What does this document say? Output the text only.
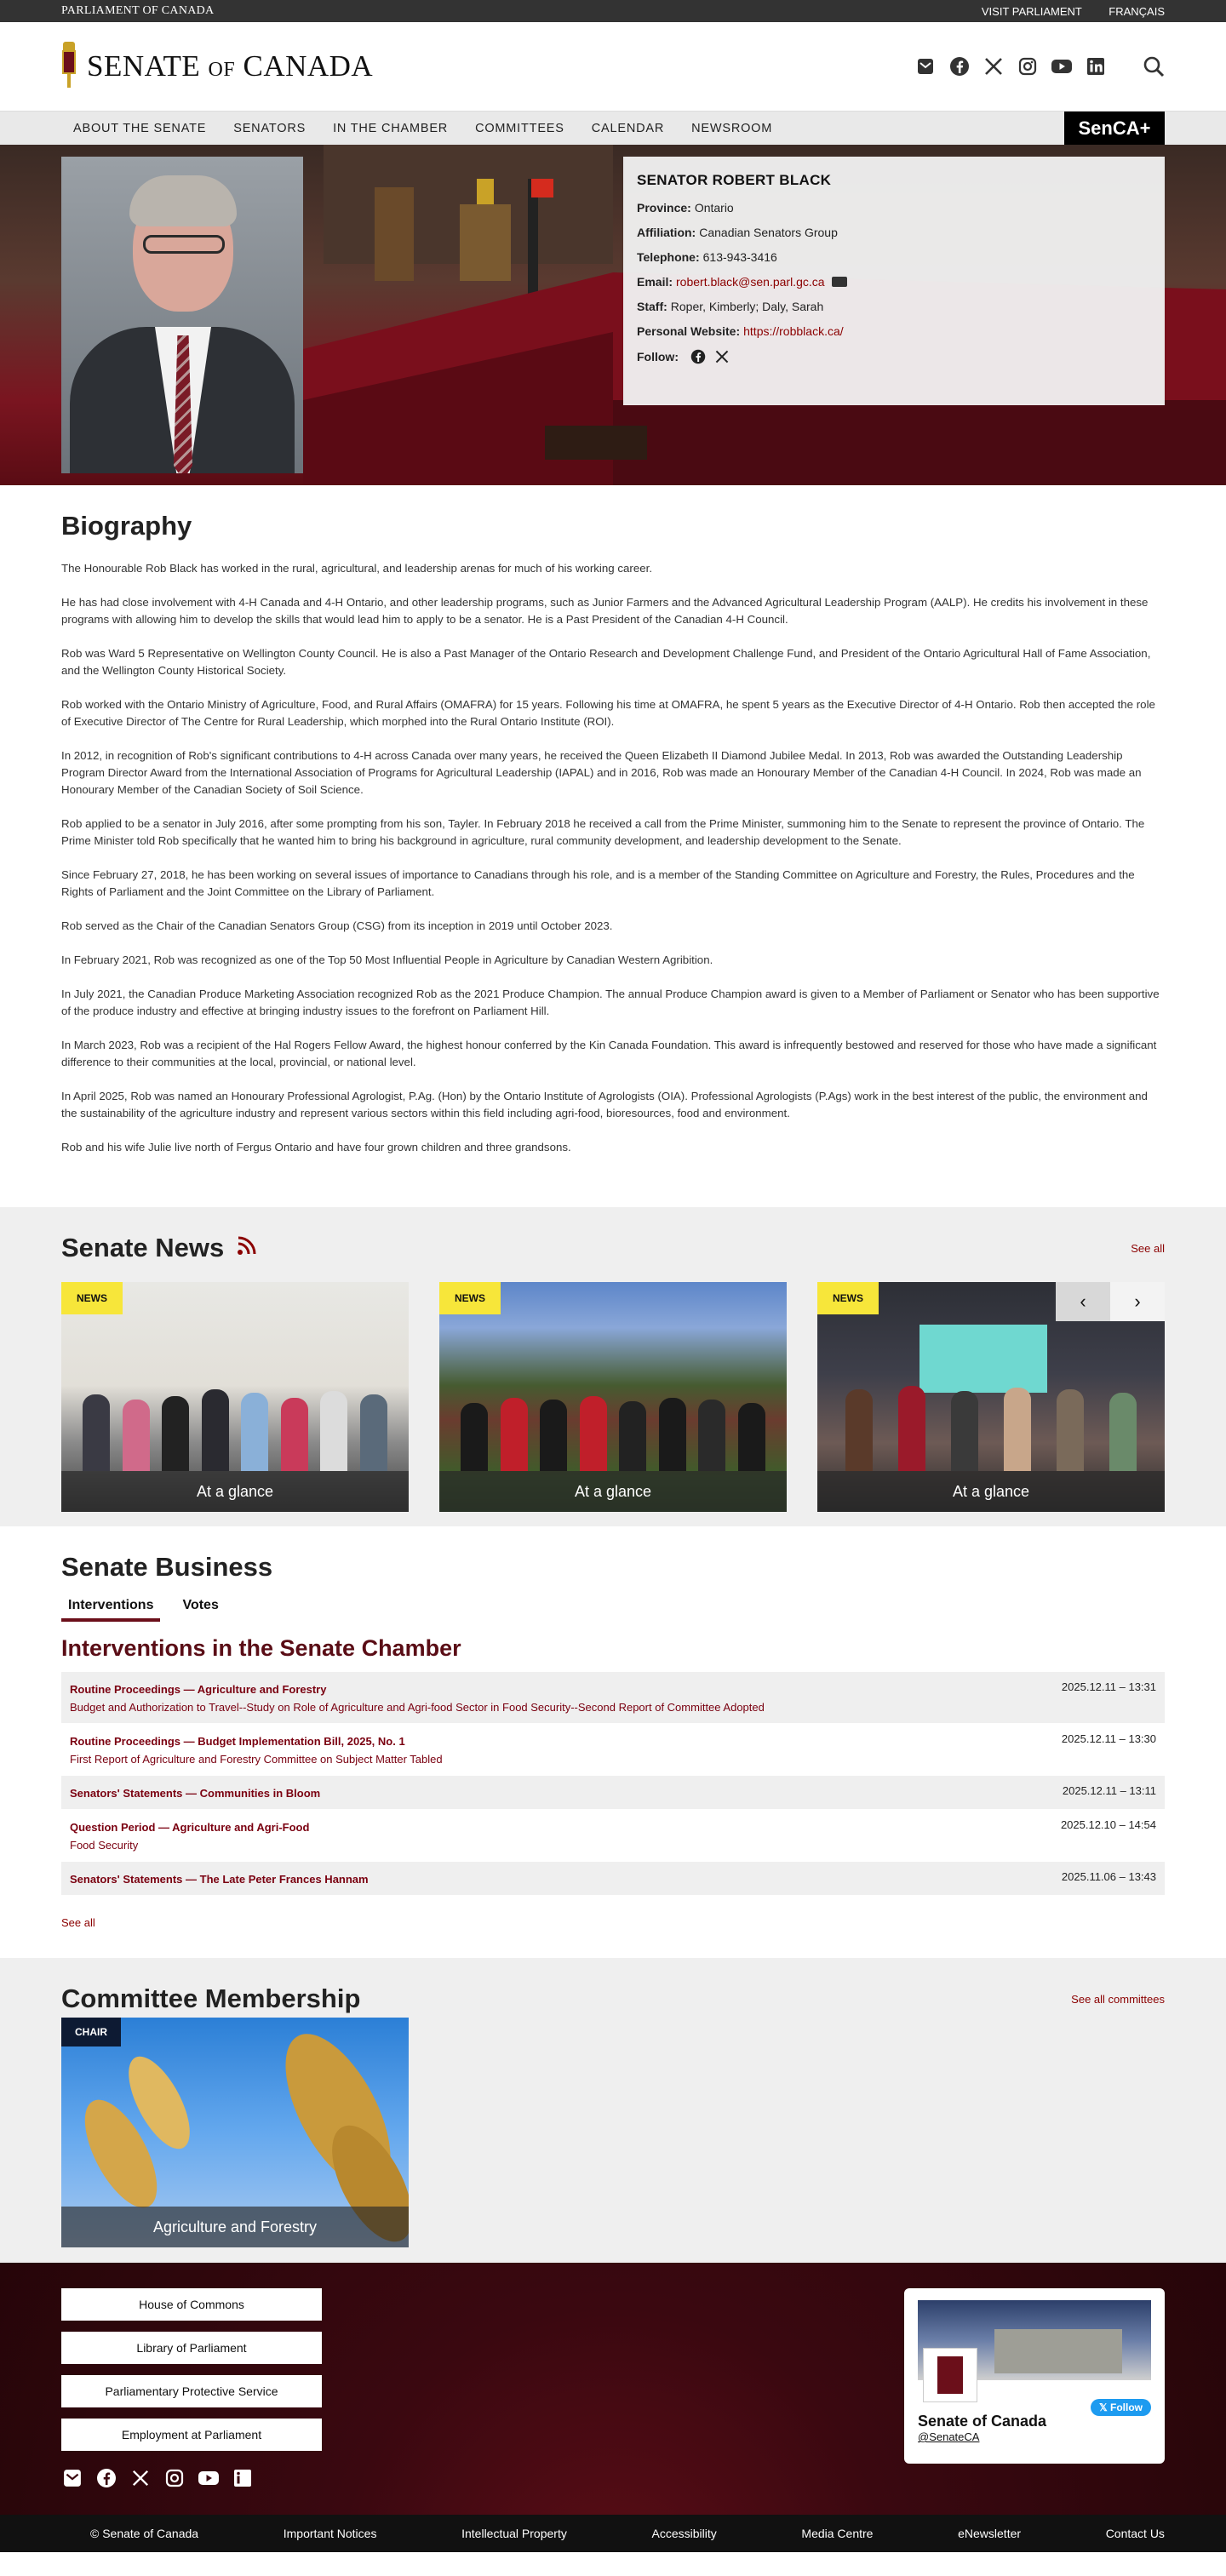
PARLIAMENT OF CANADA	VISIT PARLIAMENT FRANÇAIS
SENATE OF CANADA
ABOUT THE SENATE	SENATORS	IN THE CHAMBER	COMMITTEES	CALENDAR	NEWSROOM	SenCA+
SENATOR ROBERT BLACK
Province: Ontario
Affiliation: Canadian Senators Group
Telephone: 613-943-3416
Email: robert.black@sen.parl.gc.ca
Staff: Roper, Kimberly; Daly, Sarah
Personal Website: https://robblack.ca/
Follow:
Biography

The Honourable Rob Black has worked in the rural, agricultural, and leadership arenas for much of his working career.

He has had close involvement with 4-H Canada and 4-H Ontario, and other leadership programs, such as Junior Farmers and the Advanced Agricultural Leadership Program (AALP). He credits his involvement in these programs with allowing him to develop the skills that would lead him to apply to be a senator. He is a Past President of the Canadian 4-H Council.

Rob was Ward 5 Representative on Wellington County Council. He is also a Past Manager of the Ontario Research and Development Challenge Fund, and President of the Ontario Agricultural Hall of Fame Association, and the Wellington County Historical Society.

Rob worked with the Ontario Ministry of Agriculture, Food, and Rural Affairs (OMAFRA) for 15 years. Following his time at OMAFRA, he spent 5 years as the Executive Director of 4-H Ontario. Rob then accepted the role of Executive Director of The Centre for Rural Leadership, which morphed into the Rural Ontario Institute (ROI).

In 2012, in recognition of Rob's significant contributions to 4-H across Canada over many years, he received the Queen Elizabeth II Diamond Jubilee Medal. In 2013, Rob was awarded the Outstanding Leadership Program Director Award from the International Association of Programs for Agricultural Leadership (IAPAL) and in 2016, Rob was made an Honourary Member of the Canadian 4-H Council. In 2024, Rob was made an Honourary Member of the Canadian Society of Soil Science.

Rob applied to be a senator in July 2016, after some prompting from his son, Tayler. In February 2018 he received a call from the Prime Minister, summoning him to the Senate to represent the province of Ontario. The Prime Minister told Rob specifically that he wanted him to bring his background in agriculture, rural community development, and leadership development to the Senate.

Since February 27, 2018, he has been working on several issues of importance to Canadians through his role, and is a member of the Standing Committee on Agriculture and Forestry, the Rules, Procedures and the Rights of Parliament and the Joint Committee on the Library of Parliament.

Rob served as the Chair of the Canadian Senators Group (CSG) from its inception in 2019 until October 2023.

In February 2021, Rob was recognized as one of the Top 50 Most Influential People in Agriculture by Canadian Western Agribition.

In July 2021, the Canadian Produce Marketing Association recognized Rob as the 2021 Produce Champion. The annual Produce Champion award is given to a Member of Parliament or Senator who has been supportive of the produce industry and effective at bringing industry issues to the forefront on Parliament Hill.

In March 2023, Rob was a recipient of the Hal Rogers Fellow Award, the highest honour conferred by the Kin Canada Foundation. This award is infrequently bestowed and reserved for those who have made a significant difference to their communities at the local, provincial, or national level.

In April 2025, Rob was named an Honourary Professional Agrologist, P.Ag. (Hon) by the Ontario Institute of Agrologists (OIA). Professional Agrologists (P.Ags) work in the best interest of the public, the environment and the sustainability of the agriculture industry and represent various sectors within this field including agri-food, bioresources, food and environment.

Rob and his wife Julie live north of Fergus Ontario and have four grown children and three grandsons.

Senate News	See all
NEWS
At a glance
NEWS
At a glance
NEWS
At a glance
‹	›
Senate Business
Interventions	Votes
Interventions in the Senate Chamber
Routine Proceedings — Agriculture and Forestry
Budget and Authorization to Travel--Study on Role of Agriculture and Agri-food Sector in Food Security--Second Report of Committee Adopted
2025.12.11 – 13:31
Routine Proceedings — Budget Implementation Bill, 2025, No. 1
First Report of Agriculture and Forestry Committee on Subject Matter Tabled
2025.12.11 – 13:30
Senators' Statements — Communities in Bloom	2025.12.11 – 13:11
Question Period — Agriculture and Agri-Food
Food Security
2025.12.10 – 14:54
Senators' Statements — The Late Peter Frances Hannam	2025.11.06 – 13:43
See all
Committee Membership	See all committees
CHAIR
Agriculture and Forestry
House of Commons
Library of Parliament
Parliamentary Protective Service
Employment at Parliament
𝕏 Follow
Senate of Canada
@SenateCA
© Senate of Canada	Important Notices	Intellectual Property	Accessibility	Media Centre	eNewsletter	Contact Us
